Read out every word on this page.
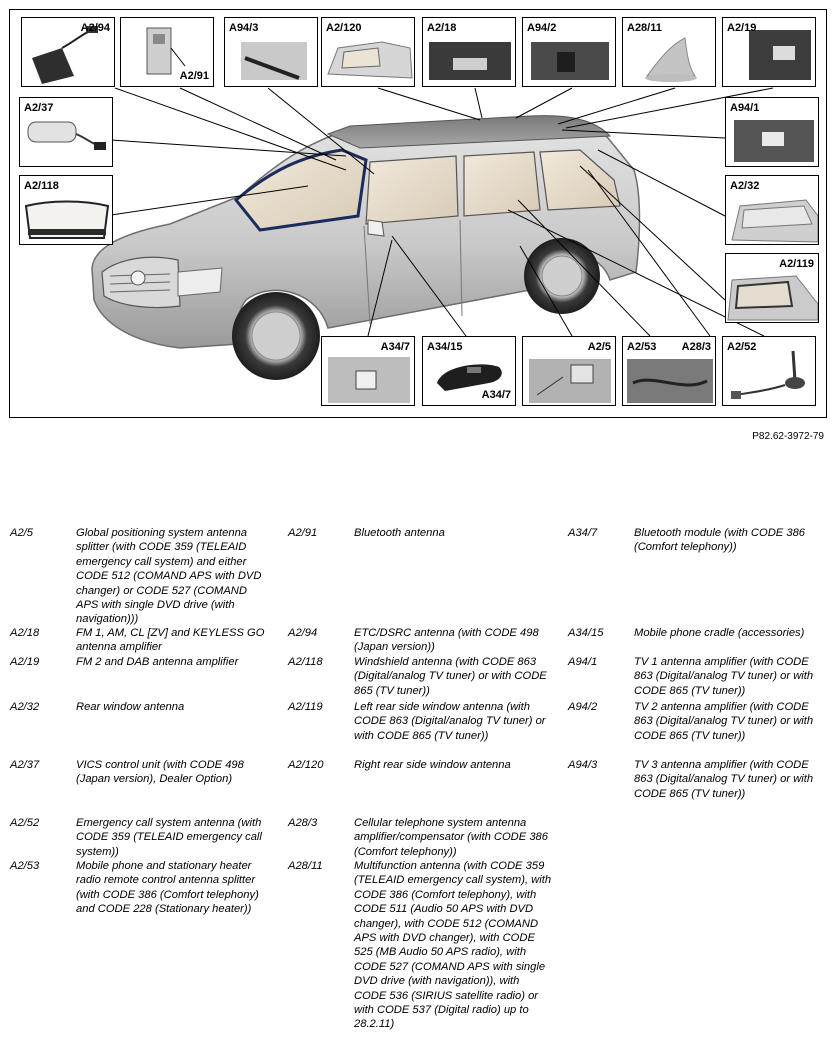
A2/94
A2/91
A94/3	A2/120	A2/18	A94/2	A28/11	A2/19
A2/37
A2/118
A94/1
A2/32
A2/119
A34/7 A34/15
A34/7
A2/5 A2/53 A28/3 A2/52
P82.62-3972-79
A2/5	Global positioning system antenna splitter (with CODE 359 (TELEAID emergency call system) and either CODE 512 (COMAND APS with DVD changer) or CODE 527 (COMAND APS with single DVD drive (with navigation)))
A2/18	FM 1, AM, CL [ZV] and KEYLESS GO antenna amplifier
A2/19	FM 2 and DAB antenna amplifier
A2/32	Rear window antenna
A2/37	VICS control unit (with CODE 498 (Japan version), Dealer Option)
A2/52	Emergency call system antenna (with CODE 359 (TELEAID emergency call system))
A2/53	Mobile phone and stationary heater radio remote control antenna splitter (with CODE 386 (Comfort telephony) and CODE 228 (Stationary heater))
A2/91	Bluetooth antenna
A2/94	ETC/DSRC antenna (with CODE 498 (Japan version))
A2/118	Windshield antenna (with CODE 863 (Digital/analog TV tuner) or with CODE 865 (TV tuner))
A2/119	Left rear side window antenna (with CODE 863 (Digital/analog TV tuner) or with CODE 865 (TV tuner))
A2/120	Right rear side window antenna
A28/3	Cellular telephone system antenna amplifier/compensator (with CODE 386 (Comfort telephony))
A28/11	Multifunction antenna (with CODE 359 (TELEAID emergency call system), with CODE 386 (Comfort telephony), with CODE 511 (Audio 50 APS with DVD changer), with CODE 512 (COMAND APS with DVD changer), with CODE 525 (MB Audio 50 APS radio), with CODE 527 (COMAND APS with single DVD drive (with navigation)), with CODE 536 (SIRIUS satellite radio) or with CODE 537 (Digital radio) up to 28.2.11)
A34/7	Bluetooth module (with CODE 386 (Comfort telephony))
A34/15	Mobile phone cradle (accessories)
A94/1	TV 1 antenna amplifier (with CODE 863 (Digital/analog TV tuner) or with CODE 865 (TV tuner))
A94/2	TV 2 antenna amplifier (with CODE 863 (Digital/analog TV tuner) or with CODE 865 (TV tuner))
A94/3	TV 3 antenna amplifier (with CODE 863 (Digital/analog TV tuner) or with CODE 865 (TV tuner))
